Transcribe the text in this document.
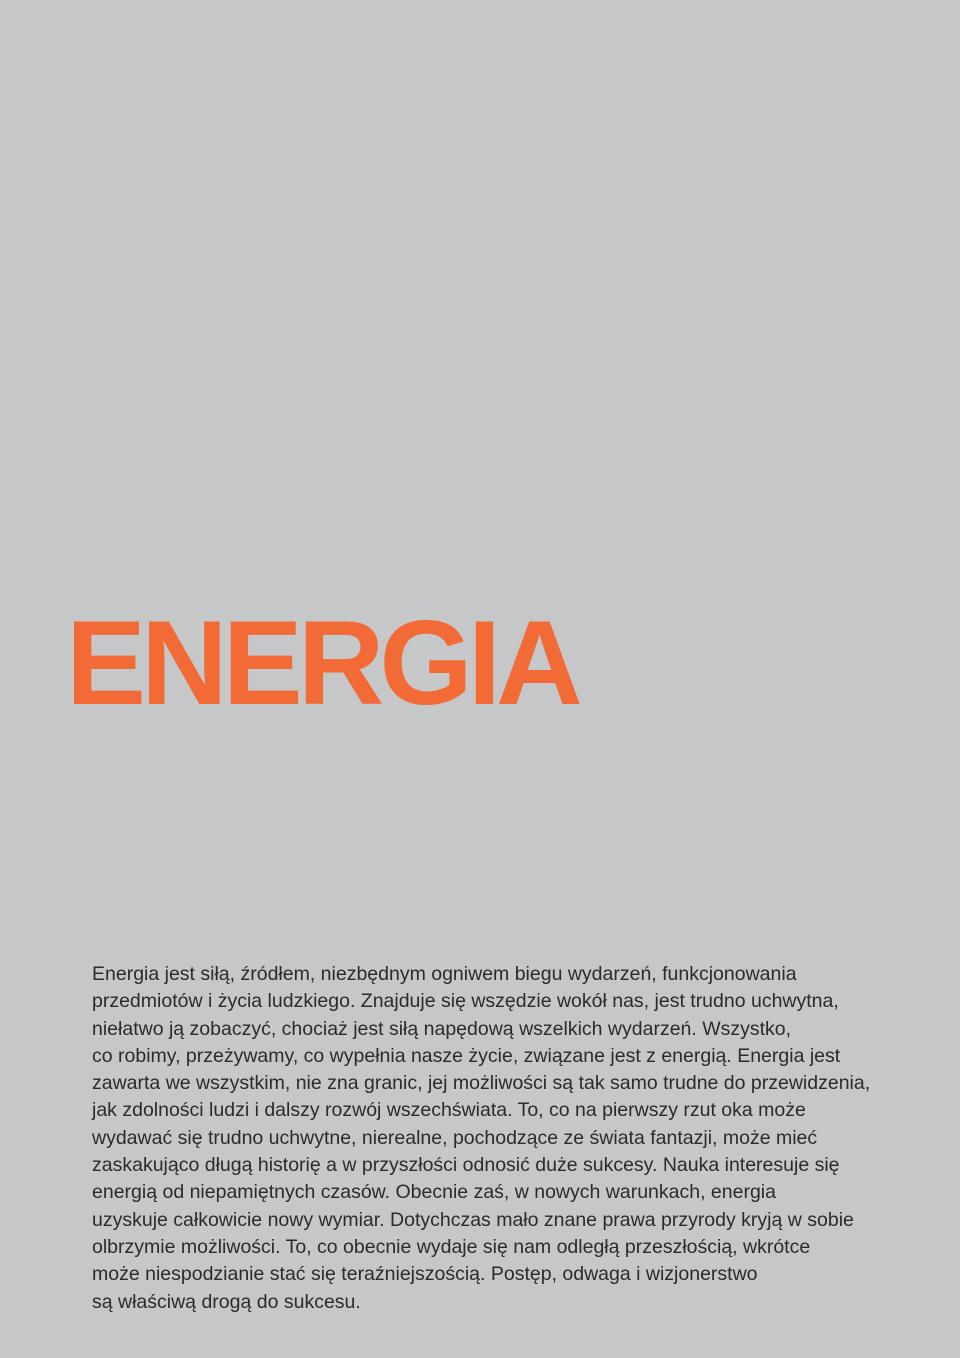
ENERGIA
Energia jest siłą, źródłem, niezbędnym ogniwem biegu wydarzeń, funkcjonowania
przedmiotów i życia ludzkiego. Znajduje się wszędzie wokół nas, jest trudno uchwytna,
niełatwo ją zobaczyć, chociaż jest siłą napędową wszelkich wydarzeń. Wszystko,
co robimy, przeżywamy, co wypełnia nasze życie, związane jest z energią. Energia jest
zawarta we wszystkim, nie zna granic, jej możliwości są tak samo trudne do przewidzenia,
jak zdolności ludzi i dalszy rozwój wszechświata. To, co na pierwszy rzut oka może
wydawać się trudno uchwytne, nierealne, pochodzące ze świata fantazji, może mieć
zaskakująco długą historię a w przyszłości odnosić duże sukcesy. Nauka interesuje się
energią od niepamiętnych czasów. Obecnie zaś, w nowych warunkach, energia
uzyskuje całkowicie nowy wymiar. Dotychczas mało znane prawa przyrody kryją w sobie
olbrzymie możliwości. To, co obecnie wydaje się nam odległą przeszłością, wkrótce
może niespodzianie stać się teraźniejszością. Postęp, odwaga i wizjonerstwo
są właściwą drogą do sukcesu.
